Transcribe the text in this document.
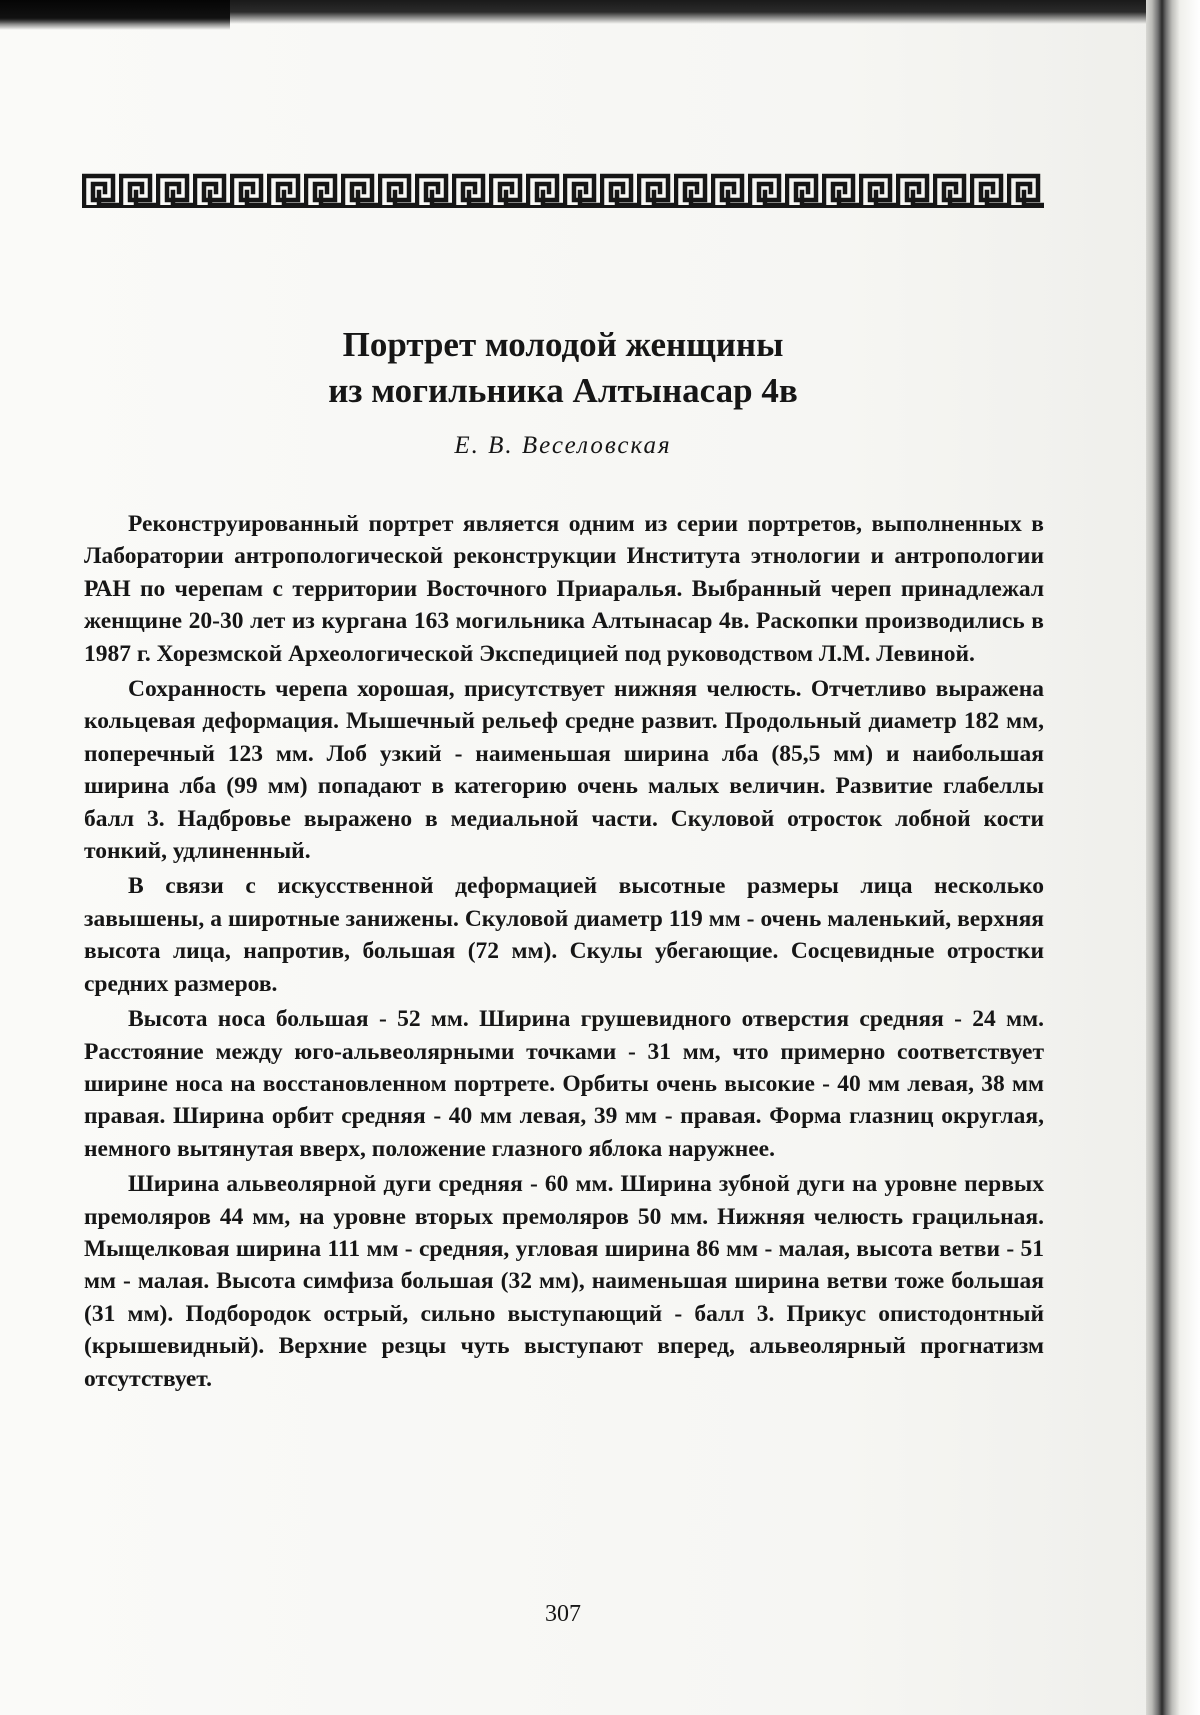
Портрет молодой женщины
из могильника Алтынасар 4в
Е. В. Веселовская

Реконструированный портрет является одним из серии портретов, выполненных в Лаборатории антропологической реконструкции Института этнологии и антропологии РАН по черепам с территории Восточного Приаралья. Выбранный череп принадлежал женщине 20-30 лет из кургана 163 могильника Алтынасар 4в. Раскопки производились в 1987 г. Хорезмской Археологической Экспедицией под руководством Л.М. Левиной.

Сохранность черепа хорошая, присутствует нижняя челюсть. Отчетливо выражена кольцевая деформация. Мышечный рельеф средне развит. Продольный диаметр 182 мм, поперечный 123 мм. Лоб узкий - наименьшая ширина лба (85,5 мм) и наибольшая ширина лба (99 мм) попадают в категорию очень малых величин. Развитие глабеллы балл 3. Надбровье выражено в медиальной части. Скуловой отросток лобной кости тонкий, удлиненный.

В связи с искусственной деформацией высотные размеры лица несколько завышены, а широтные занижены. Скуловой диаметр 119 мм - очень маленький, верхняя высота лица, напротив, большая (72 мм). Скулы убегающие. Сосцевидные отростки средних размеров.

Высота носа большая - 52 мм. Ширина грушевидного отверстия средняя - 24 мм. Расстояние между юго-альвеолярными точками - 31 мм, что примерно соответствует ширине носа на восстановленном портрете. Орбиты очень высокие - 40 мм левая, 38 мм правая. Ширина орбит средняя - 40 мм левая, 39 мм - правая. Форма глазниц округлая, немного вытянутая вверх, положение глазного яблока наружнее.

Ширина альвеолярной дуги средняя - 60 мм. Ширина зубной дуги на уровне первых премоляров 44 мм, на уровне вторых премоляров 50 мм. Нижняя челюсть грацильная. Мыщелковая ширина 111 мм - средняя, угловая ширина 86 мм - малая, высота ветви - 51 мм - малая. Высота симфиза большая (32 мм), наименьшая ширина ветви тоже большая (31 мм). Подбородок острый, сильно выступающий - балл 3. Прикус опистодонтный (крышевидный). Верхние резцы чуть выступают вперед, альвеолярный прогнатизм отсутствует.

307
